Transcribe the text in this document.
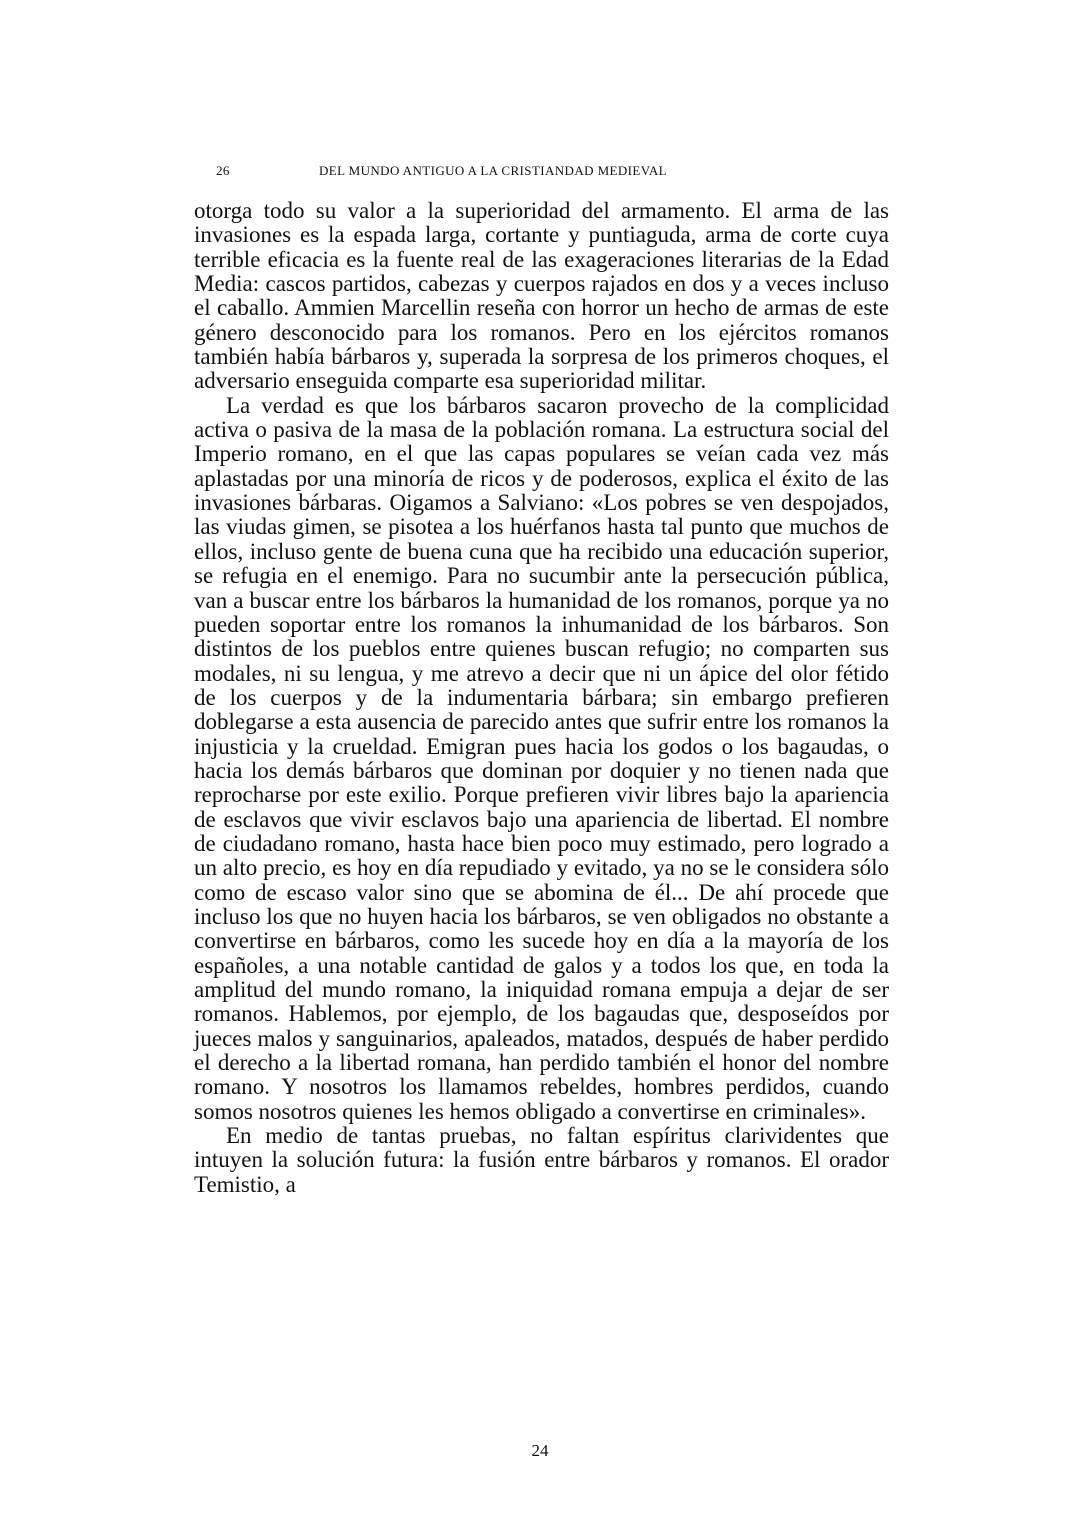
26	DEL MUNDO ANTIGUO A LA CRISTIANDAD MEDIEVAL

otorga todo su valor a la superioridad del armamento. El arma de las invasiones es la espada larga, cortante y puntiaguda, arma de corte cuya terrible eficacia es la fuente real de las exageraciones literarias de la Edad Media: cascos partidos, cabezas y cuerpos rajados en dos y a veces incluso el caballo. Ammien Marcellin reseña con horror un hecho de armas de este género desconocido para los romanos. Pero en los ejércitos romanos también había bárbaros y, superada la sorpresa de los primeros choques, el adversario enseguida comparte esa superioridad militar.

La verdad es que los bárbaros sacaron provecho de la complicidad activa o pasiva de la masa de la población romana. La estructura social del Imperio romano, en el que las capas populares se veían cada vez más aplastadas por una minoría de ricos y de poderosos, explica el éxito de las invasiones bárbaras. Oigamos a Salviano: «Los pobres se ven despojados, las viudas gimen, se pisotea a los huérfanos hasta tal punto que muchos de ellos, incluso gente de buena cuna que ha recibido una educación superior, se refugia en el enemigo. Para no sucumbir ante la persecución pública, van a buscar entre los bárbaros la humanidad de los romanos, porque ya no pueden soportar entre los romanos la inhumanidad de los bárbaros. Son distintos de los pueblos entre quienes buscan refugio; no comparten sus modales, ni su lengua, y me atrevo a decir que ni un ápice del olor fétido de los cuerpos y de la indumentaria bárbara; sin embargo prefieren doblegarse a esta ausencia de parecido antes que sufrir entre los romanos la injusticia y la crueldad. Emigran pues hacia los godos o los bagaudas, o hacia los demás bárbaros que dominan por doquier y no tienen nada que reprocharse por este exilio. Porque prefieren vivir libres bajo la apariencia de esclavos que vivir esclavos bajo una apariencia de libertad. El nombre de ciudadano romano, hasta hace bien poco muy estimado, pero logrado a un alto precio, es hoy en día repudiado y evitado, ya no se le considera sólo como de escaso valor sino que se abomina de él... De ahí procede que incluso los que no huyen hacia los bárbaros, se ven obligados no obstante a convertirse en bárbaros, como les sucede hoy en día a la mayoría de los españoles, a una notable cantidad de galos y a todos los que, en toda la amplitud del mundo romano, la iniquidad romana empuja a dejar de ser romanos. Hablemos, por ejemplo, de los bagaudas que, desposeídos por jueces malos y sanguinarios, apaleados, matados, después de haber perdido el derecho a la libertad romana, han perdido también el honor del nombre romano. Y nosotros los llamamos rebeldes, hombres perdidos, cuando somos nosotros quienes les hemos obligado a convertirse en criminales».

En medio de tantas pruebas, no faltan espíritus clarividentes que intuyen la solución futura: la fusión entre bárbaros y romanos. El orador Temistio, a

24
